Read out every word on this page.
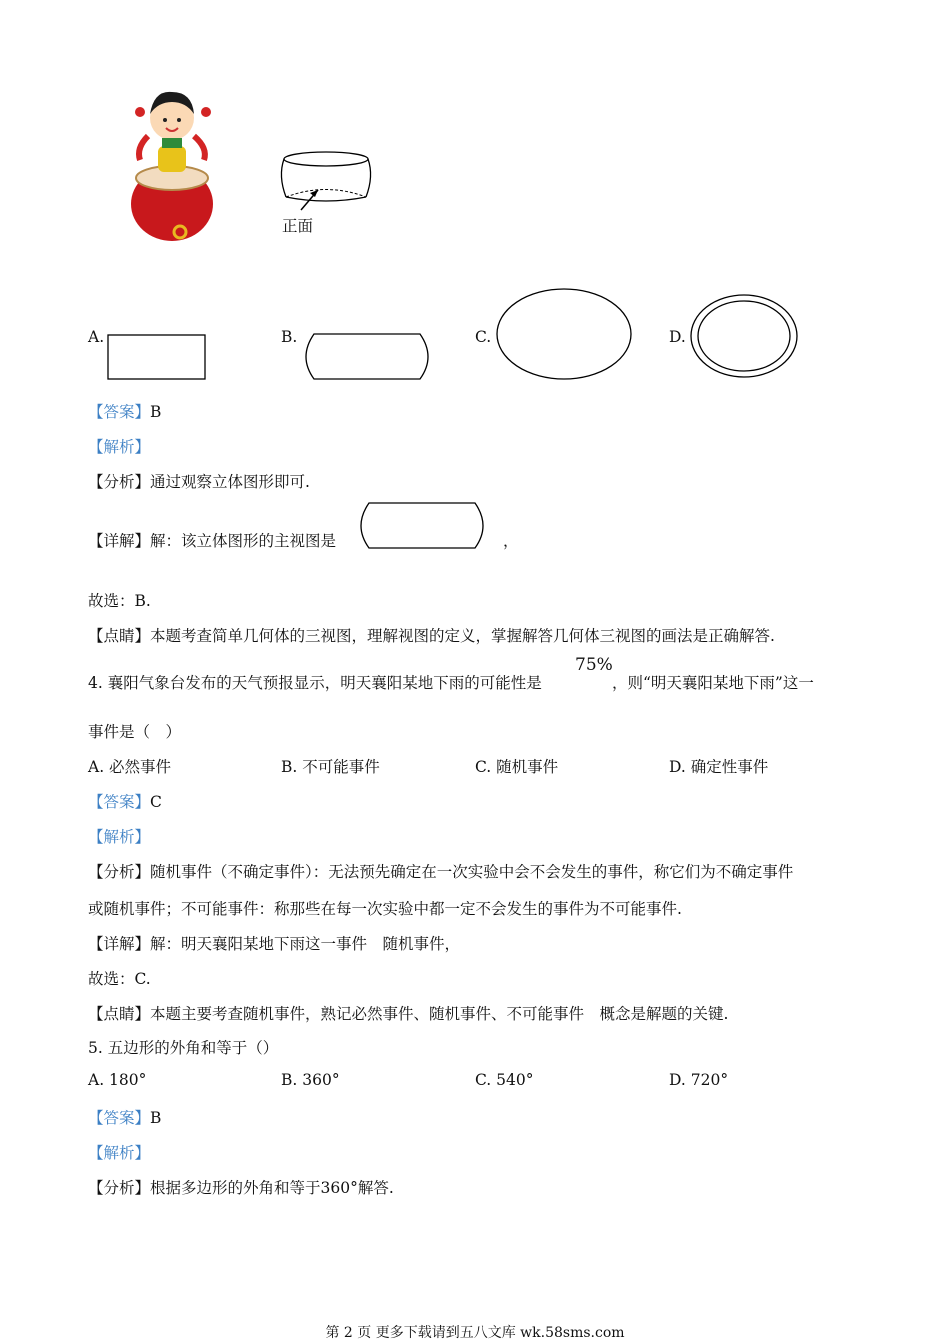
正面
A.	B.	C.	D.
【答案】B
【解析】
【分析】通过观察立体图形即可.
【详解】解：该立体图形的主视图是	，
故选：B.
【点睛】本题考查简单几何体的三视图，理解视图的定义，掌握解答几何体三视图的画法是正确解答.
4. 襄阳气象台发布的天气预报显示，明天襄阳某地下雨的可能性是
75%
，则“明天襄阳某地下雨”这一
事件是（　）
A. 必然事件	B. 不可能事件	C. 随机事件	D. 确定性事件
【答案】C
【解析】
【分析】随机事件（不确定事件）：无法预先确定在一次实验中会不会发生的事件，称它们为不确定事件
或随机事件；不可能事件：称那些在每一次实验中都一定不会发生的事件为不可能事件.
【详解】解：明天襄阳某地下雨这一事件　随机事件，
故选：C.
【点睛】本题主要考查随机事件，熟记必然事件、随机事件、不可能事件　概念是解题的关键.
5. 五边形的外角和等于（）
A. 180°	B. 360°	C. 540°	D. 720°
【答案】B
【解析】
【分析】根据多边形的外角和等于360°解答.
第 2 页 更多下载请到五八文库 wk.58sms.com
